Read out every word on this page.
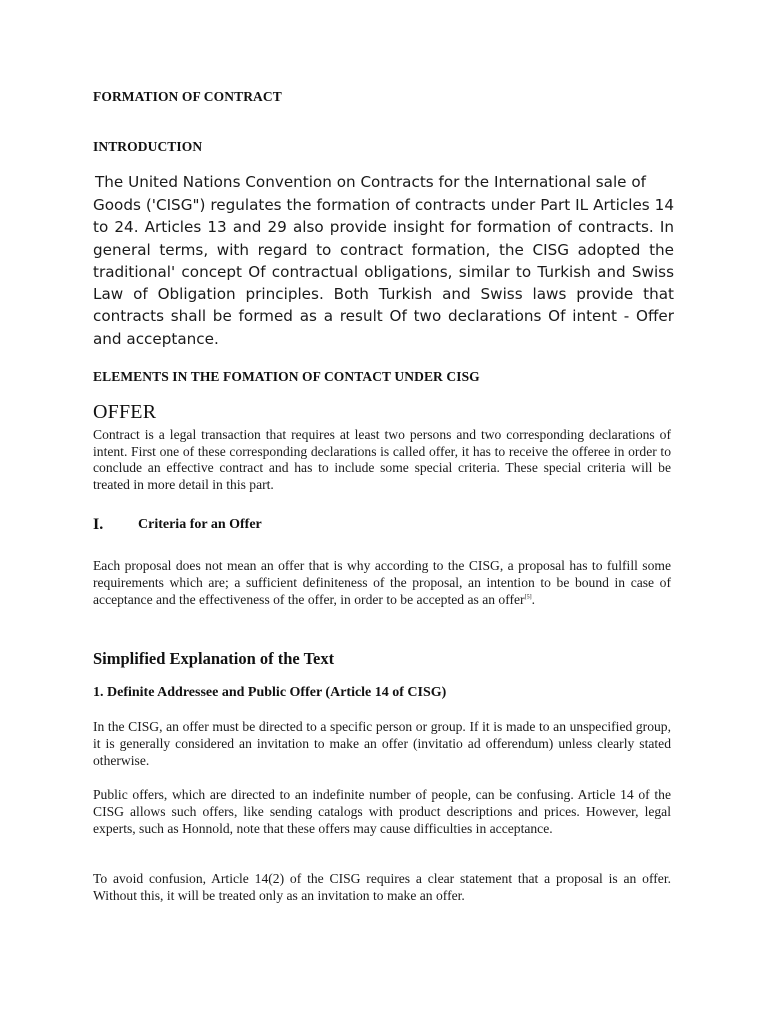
FORMATION OF CONTRACT
INTRODUCTION
The United Nations Convention on Contracts for the International sale of
Goods ('CISG") regulates the formation of contracts under Part IL Articles 14 to 24. Articles 13 and 29 also provide insight for formation of contracts. In general terms, with regard to contract formation, the CISG adopted the traditional' concept Of contractual obligations, similar to Turkish and Swiss Law of Obligation principles. Both Turkish and Swiss laws provide that contracts shall be formed as a result Of two declarations Of intent - Offer and acceptance.
ELEMENTS IN THE FOMATION OF CONTACT UNDER CISG
OFFER
Contract is a legal transaction that requires at least two persons and two corresponding declarations of intent. First one of these corresponding declarations is called offer, it has to receive the offeree in order to conclude an effective contract and has to include some special criteria. These special criteria will be treated in more detail in this part.
I. Criteria for an Offer
Each proposal does not mean an offer that is why according to the CISG, a proposal has to fulfill some requirements which are; a sufficient definiteness of the proposal, an intention to be bound in case of acceptance and the effectiveness of the offer, in order to be accepted as an offer[5].
Simplified Explanation of the Text
1. Definite Addressee and Public Offer (Article 14 of CISG)
In the CISG, an offer must be directed to a specific person or group. If it is made to an unspecified group, it is generally considered an invitation to make an offer (invitatio ad offerendum) unless clearly stated otherwise.
Public offers, which are directed to an indefinite number of people, can be confusing. Article 14 of the CISG allows such offers, like sending catalogs with product descriptions and prices. However, legal experts, such as Honnold, note that these offers may cause difficulties in acceptance.
To avoid confusion, Article 14(2) of the CISG requires a clear statement that a proposal is an offer. Without this, it will be treated only as an invitation to make an offer.
